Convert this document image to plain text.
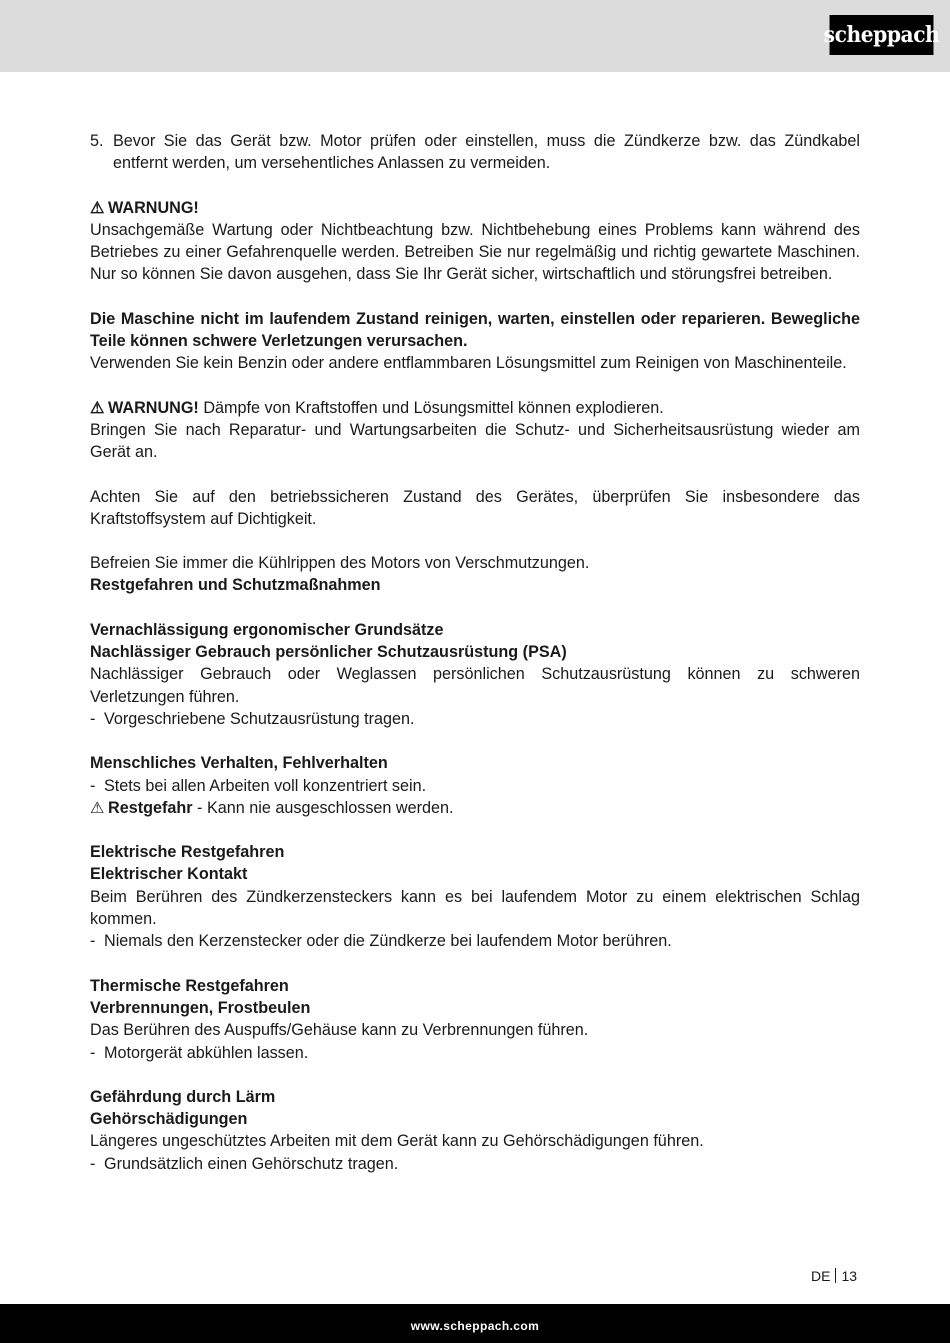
scheppach
5. Bevor Sie das Gerät bzw. Motor prüfen oder einstellen, muss die Zündkerze bzw. das Zündkabel entfernt werden, um versehentliches Anlassen zu vermeiden.

⚠ WARNUNG!

Unsachgemäße Wartung oder Nichtbeachtung bzw. Nichtbehebung eines Problems kann während des Betriebes zu einer Gefahrenquelle werden. Betreiben Sie nur regelmäßig und richtig gewartete Maschinen. Nur so können Sie davon ausgehen, dass Sie Ihr Gerät sicher, wirtschaftlich und störungsfrei betreiben.

Die Maschine nicht im laufendem Zustand reinigen, warten, einstellen oder reparieren. Bewegliche Teile können schwere Verletzungen verursachen.

Verwenden Sie kein Benzin oder andere entflammbaren Lösungsmittel zum Reinigen von Maschinenteile.

⚠ WARNUNG! Dämpfe von Kraftstoffen und Lösungsmittel können explodieren.

Bringen Sie nach Reparatur- und Wartungsarbeiten die Schutz- und Sicherheitsausrüstung wieder am Gerät an.

Achten Sie auf den betriebssicheren Zustand des Gerätes, überprüfen Sie insbesondere das Kraftstoffsystem auf Dichtigkeit.

Befreien Sie immer die Kühlrippen des Motors von Verschmutzungen.

Restgefahren und Schutzmaßnahmen

Vernachlässigung ergonomischer Grundsätze

Nachlässiger Gebrauch persönlicher Schutzausrüstung (PSA)

Nachlässiger Gebrauch oder Weglassen persönlichen Schutzausrüstung können zu schweren Verletzungen führen.

- Vorgeschriebene Schutzausrüstung tragen.

Menschliches Verhalten, Fehlverhalten

- Stets bei allen Arbeiten voll konzentriert sein.

⚠ Restgefahr - Kann nie ausgeschlossen werden.

Elektrische Restgefahren

Elektrischer Kontakt

Beim Berühren des Zündkerzensteckers kann es bei laufendem Motor zu einem elektrischen Schlag kommen.

- Niemals den Kerzenstecker oder die Zündkerze bei laufendem Motor berühren.

Thermische Restgefahren

Verbrennungen, Frostbeulen

Das Berühren des Auspuffs/Gehäuse kann zu Verbrennungen führen.

- Motorgerät abkühlen lassen.

Gefährdung durch Lärm

Gehörschädigungen

Längeres ungeschütztes Arbeiten mit dem Gerät kann zu Gehörschädigungen führen.

- Grundsätzlich einen Gehörschutz tragen.
DE 13
www.scheppach.com
